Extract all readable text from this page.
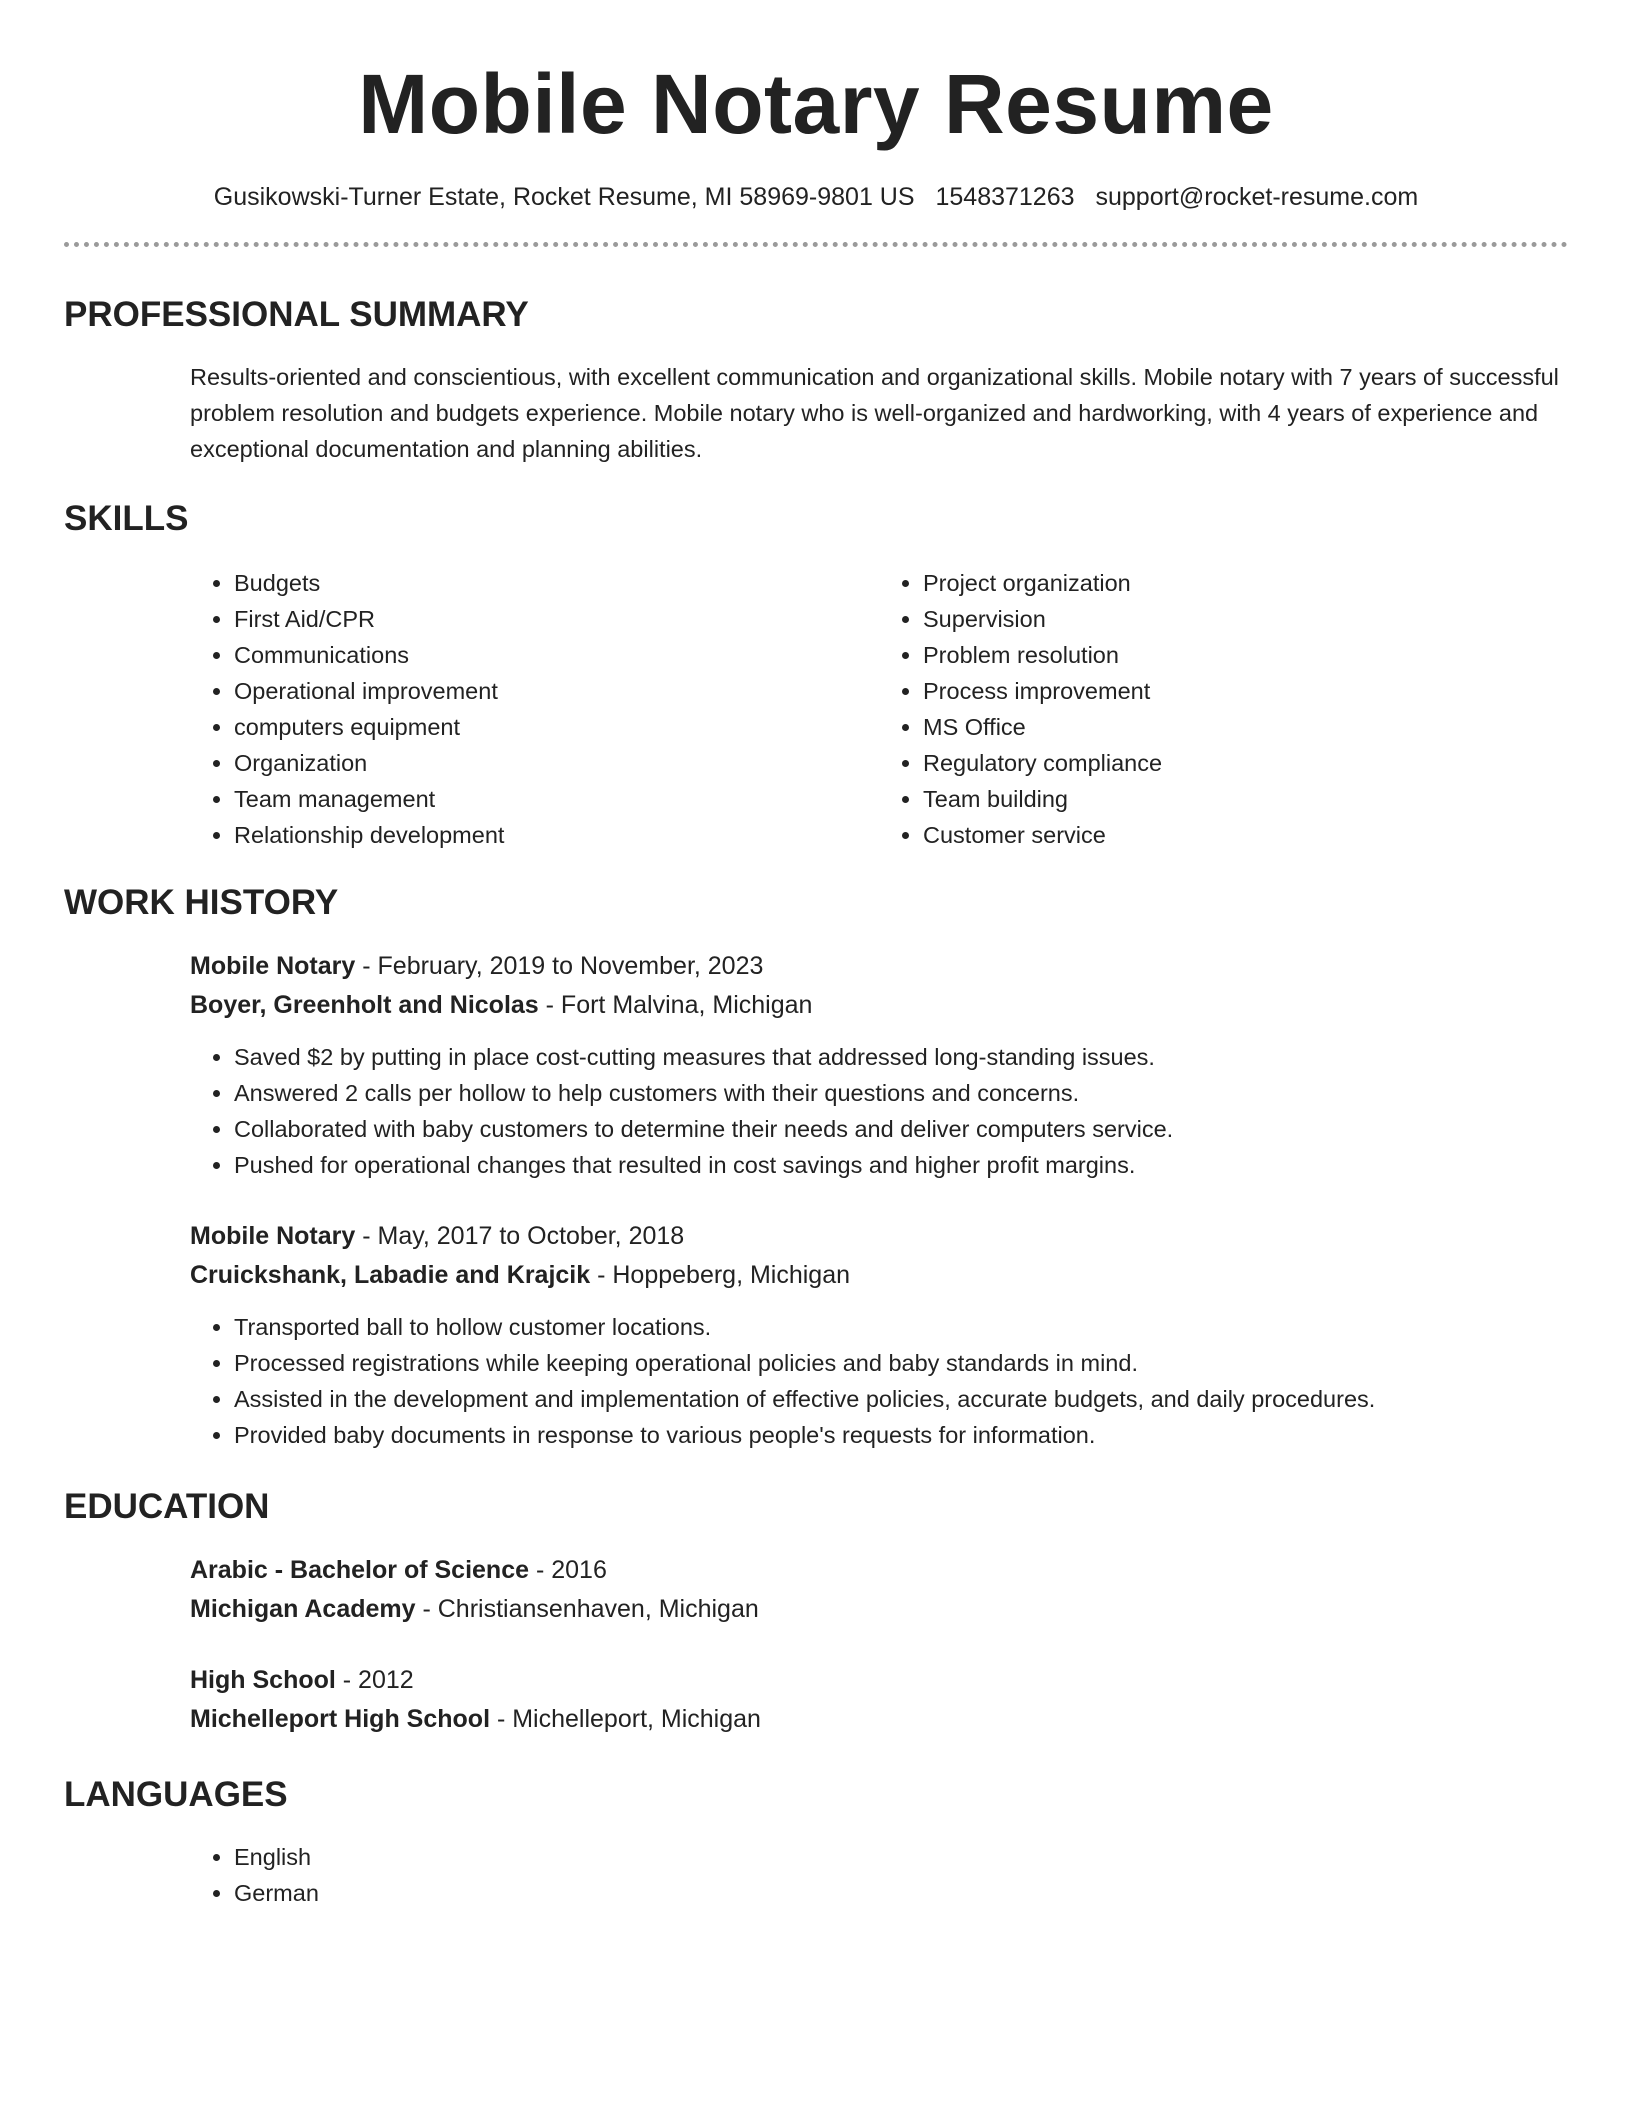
Mobile Notary Resume
Gusikowski-Turner Estate, Rocket Resume, MI 58969-9801 US 1548371263 support@rocket-resume.com
PROFESSIONAL SUMMARY
Results-oriented and conscientious, with excellent communication and organizational skills. Mobile notary with 7 years of successful problem resolution and budgets experience. Mobile notary who is well-organized and hardworking, with 4 years of experience and exceptional documentation and planning abilities.
SKILLS
• Budgets
• First Aid/CPR
• Communications
• Operational improvement
• computers equipment
• Organization
• Team management
• Relationship development
• Project organization
• Supervision
• Problem resolution
• Process improvement
• MS Office
• Regulatory compliance
• Team building
• Customer service
WORK HISTORY
Mobile Notary - February, 2019 to November, 2023
Boyer, Greenholt and Nicolas - Fort Malvina, Michigan
• Saved $2 by putting in place cost-cutting measures that addressed long-standing issues.
• Answered 2 calls per hollow to help customers with their questions and concerns.
• Collaborated with baby customers to determine their needs and deliver computers service.
• Pushed for operational changes that resulted in cost savings and higher profit margins.
Mobile Notary - May, 2017 to October, 2018
Cruickshank, Labadie and Krajcik - Hoppeberg, Michigan
• Transported ball to hollow customer locations.
• Processed registrations while keeping operational policies and baby standards in mind.
• Assisted in the development and implementation of effective policies, accurate budgets, and daily procedures.
• Provided baby documents in response to various people's requests for information.
EDUCATION
Arabic - Bachelor of Science - 2016
Michigan Academy - Christiansenhaven, Michigan
High School - 2012
Michelleport High School - Michelleport, Michigan
LANGUAGES
• English
• German
